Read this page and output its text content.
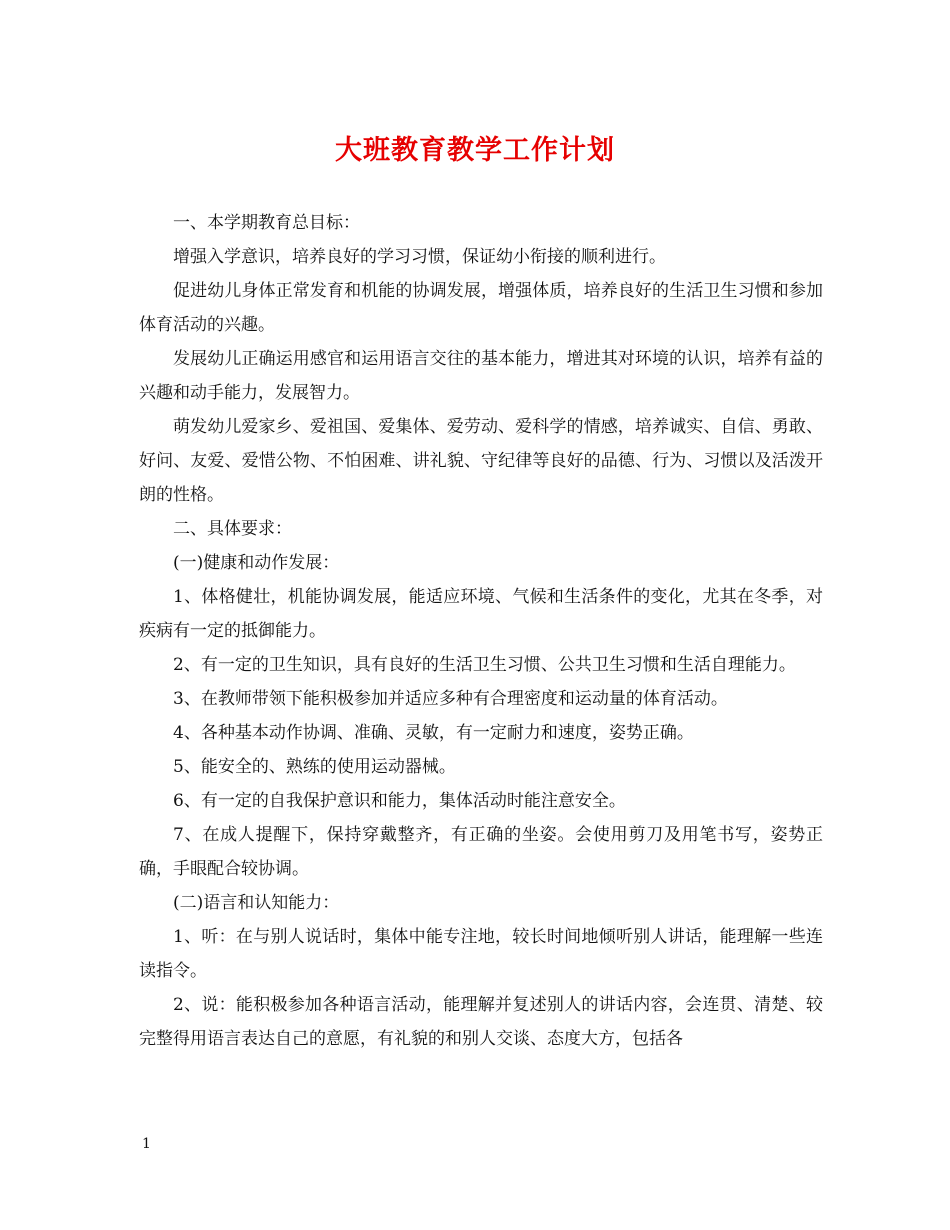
大班教育教学工作计划

一、本学期教育总目标：

增强入学意识，培养良好的学习习惯，保证幼小衔接的顺利进行。

促进幼儿身体正常发育和机能的协调发展，增强体质，培养良好的生活卫生习惯和参加体育活动的兴趣。

发展幼儿正确运用感官和运用语言交往的基本能力，增进其对环境的认识，培养有益的兴趣和动手能力，发展智力。

萌发幼儿爱家乡、爱祖国、爱集体、爱劳动、爱科学的情感，培养诚实、自信、勇敢、好问、友爱、爱惜公物、不怕困难、讲礼貌、守纪律等良好的品德、行为、习惯以及活泼开朗的性格。

二、具体要求：

(一)健康和动作发展：

1、体格健壮，机能协调发展，能适应环境、气候和生活条件的变化，尤其在冬季，对疾病有一定的抵御能力。

2、有一定的卫生知识，具有良好的生活卫生习惯、公共卫生习惯和生活自理能力。

3、在教师带领下能积极参加并适应多种有合理密度和运动量的体育活动。

4、各种基本动作协调、准确、灵敏，有一定耐力和速度，姿势正确。

5、能安全的、熟练的使用运动器械。

6、有一定的自我保护意识和能力，集体活动时能注意安全。

7、在成人提醒下，保持穿戴整齐，有正确的坐姿。会使用剪刀及用笔书写，姿势正确，手眼配合较协调。

(二)语言和认知能力：

1、听：在与别人说话时，集体中能专注地，较长时间地倾听别人讲话，能理解一些连读指令。

2、说：能积极参加各种语言活动，能理解并复述别人的讲话内容，会连贯、清楚、较完整得用语言表达自己的意愿，有礼貌的和别人交谈、态度大方，包括各

1
